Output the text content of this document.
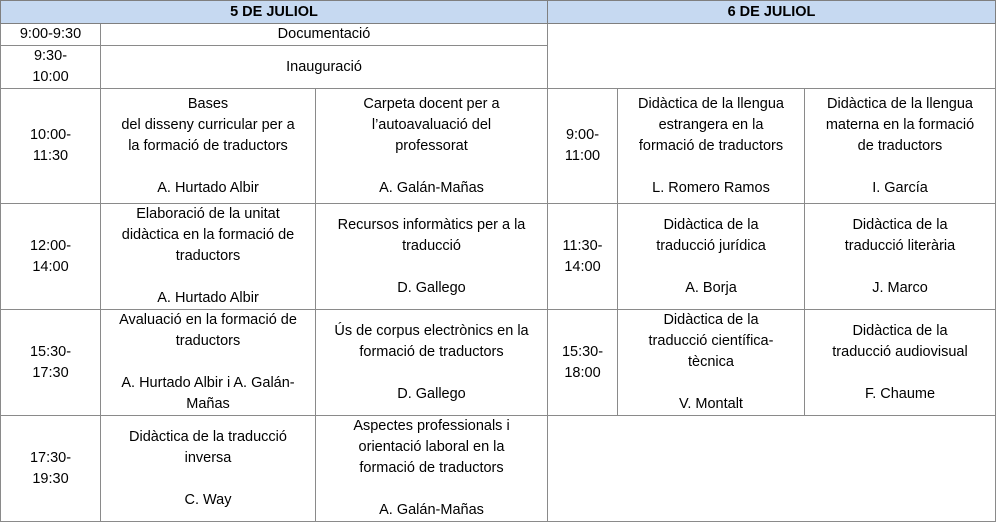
5 DE JULIOL			6 DE JULIOL		
9:00-9:30	Documentació				

9:30-
10:00	Inauguració				

10:00-
11:30	Bases
del disseny curricular per a
la formació de traductors
A. Hurtado Albir	Carpeta docent per a
l’autoavaluació del
professorat
A. Galán-Mañas	9:00-
11:00	Didàctica de la llengua
estrangera en la
formació de traductors
L. Romero Ramos	Didàctica de la llengua
materna en la formació
de traductors
I. García

12:00-
14:00	Elaboració de la unitat
didàctica en la formació de
traductors
A. Hurtado Albir	Recursos informàtics per a la
traducció
D. Gallego	11:30-
14:00	Didàctica de la
traducció jurídica
A. Borja	Didàctica de la
traducció literària
J. Marco

15:30-
17:30	Avaluació en la formació de
traductors
A. Hurtado Albir i A. Galán-
Mañas	Ús de corpus electrònics en la
formació de traductors
D. Gallego	15:30-
18:00	Didàctica de la
traducció científica-
tècnica
V. Montalt	Didàctica de la
traducció audiovisual
F. Chaume

17:30-
19:30	Didàctica de la traducció
inversa
C. Way	Aspectes professionals i
orientació laboral en la
formació de traductors
A. Galán-Mañas			
